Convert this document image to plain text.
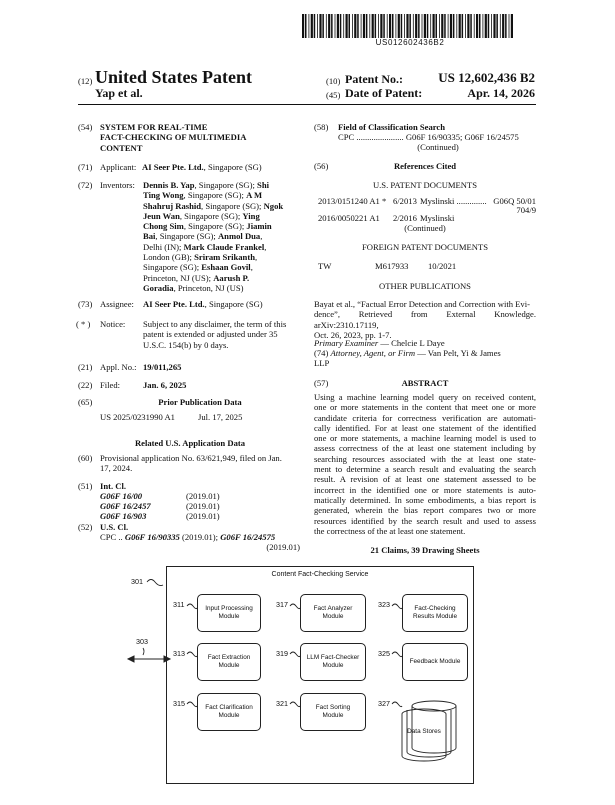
US012602436B2
(12) United States Patent
Yap et al.
(10) Patent No.:	US 12,602,436 B2
(45) Date of Patent:	Apr. 14, 2026
(54) SYSTEM FOR REAL-TIME
FACT-CHECKING OF MULTIMEDIA
CONTENT
(71) Applicant: AI Seer Pte. Ltd., Singapore (SG)
(72) Inventors: Dennis B. Yap, Singapore (SG); Shi
Ting Wong, Singapore (SG); A M
Shahruj Rashid, Singapore (SG); Ngok
Jeun Wan, Singapore (SG); Ying
Chong Sim, Singapore (SG); Jiamin
Bai, Singapore (SG); Anmol Dua,
Delhi (IN); Mark Claude Frankel,
London (GB); Sriram Srikanth,
Singapore (SG); Eshaan Govil,
Princeton, NJ (US); Aarush P.
Goradia, Princeton, NJ (US)
(73) Assignee: AI Seer Pte. Ltd., Singapore (SG)
( * ) Notice: Subject to any disclaimer, the term of this
patent is extended or adjusted under 35
U.S.C. 154(b) by 0 days.
(21) Appl. No.: 19/011,265
(22) Filed:	Jan. 6, 2025
(65)	Prior Publication Data
US 2025/0231990 A1	Jul. 17, 2025
Related U.S. Application Data
(60) Provisional application No. 63/621,949, filed on Jan.
17, 2024.
(51) Int. Cl.
G06F 16/00	(2019.01)
G06F 16/2457	(2019.01)
G06F 16/903	(2019.01)
(52) U.S. Cl.
CPC .. G06F 16/90335 (2019.01); G06F 16/24575
(2019.01)
(58) Field of Classification Search
CPC ...................... G06F 16/90335; G06F 16/24575
(Continued)
(56)	References Cited
U.S. PATENT DOCUMENTS
2013/0151240 A1 * 6/2013 Myslinski .............. G06Q 50/01
704/9
2016/0050221 A1 2/2016 Myslinski
(Continued)
FOREIGN PATENT DOCUMENTS
TW	M617933 10/2021
OTHER PUBLICATIONS
Bayat et al., “Factual Error Detection and Correction with Evi-
dence”, Retrieved from External Knowledge. arXiv:2310.17119,
Oct. 26, 2023, pp. 1-7.
Primary Examiner — Chelcie L Daye
(74) Attorney, Agent, or Firm — Van Pelt, Yi & James
LLP
(57)	ABSTRACT
Using a machine learning model query on received content,
one or more statements in the content that meet one or more
candidate criteria for correctness verification are automati-
cally identified. For at least one statement of the identified
one or more statements, a machine learning model is used to
assess correctness of the at least one statement including by
searching resources associated with the at least one state-
ment to determine a search result and evaluating the search
result. A revision of at least one statement assessed to be
incorrect in the identified one or more statements is auto-
matically determined. In some embodiments, a bias report is
generated, wherein the bias report compares two or more
resources identified by the search result and used to assess
the correctness of the at least one statement.
21 Claims, 39 Drawing Sheets
Content Fact-Checking Service
301
303
311
313
315
317
319
321
323
325
327
Input Processing
Module
Fact Extraction
Module
Fact Clarification
Module
Fact Analyzer
Module
LLM Fact-Checker
Module
Fact Sorting
Module
Fact-Checking
Results Module
Feedback Module
Data Stores
